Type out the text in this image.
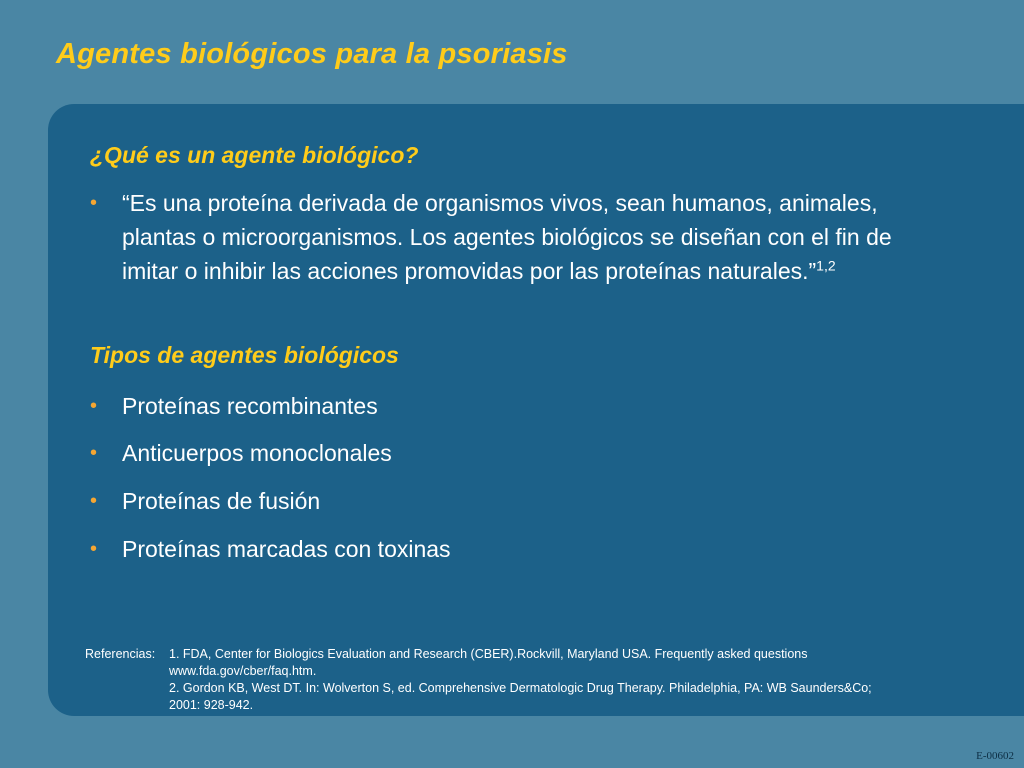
Agentes biológicos para la psoriasis
¿Qué es un agente biológico?
•	“Es una proteína derivada de organismos vivos, sean humanos, animales, plantas o microorganismos. Los agentes biológicos se diseñan con el fin de imitar o inhibir las acciones promovidas por las proteínas naturales.”$^{1,2}$
Tipos de agentes biológicos
•	Proteínas recombinantes
•	Anticuerpos monoclonales
•	Proteínas de fusión
•	Proteínas marcadas con toxinas
Referencias: 1. FDA, Center for Biologics Evaluation and Research (CBER).Rockvill, Maryland USA. Frequently asked questions
www.fda.gov/cber/faq.htm.
2. Gordon KB, West DT. In: Wolverton S, ed. Comprehensive Dermatologic Drug Therapy. Philadelphia, PA: WB Saunders&Co;
2001: 928-942.
E-00602
